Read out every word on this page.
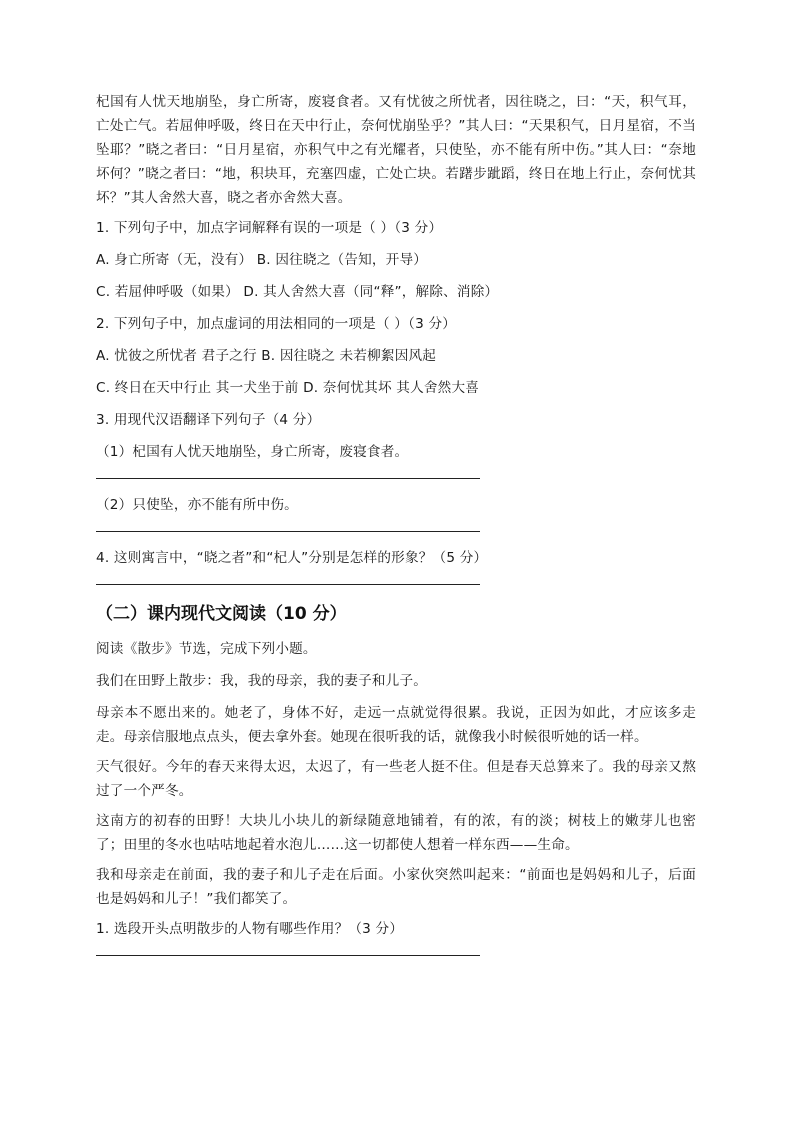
杞国有人忧天地崩坠，身亡所寄，废寝食者。又有忧彼之所忧者，因往晓之，曰：“天，积气耳，亡处亡气。若屈伸呼吸，终日在天中行止，奈何忧崩坠乎？”其人曰：“天果积气，日月星宿，不当坠耶？”晓之者曰：“日月星宿，亦积气中之有光耀者，只使坠，亦不能有所中伤。”其人曰：“奈地坏何？”晓之者曰：“地，积块耳，充塞四虚，亡处亡块。若躇步跐蹈，终日在地上行止，奈何忧其坏？”其人舍然大喜，晓之者亦舍然大喜。

1. 下列句子中，加点字词解释有误的一项是（ ）（3 分）
A. 身亡所寄（无，没有） B. 因往晓之（告知，开导）
C. 若屈伸呼吸（如果） D. 其人舍然大喜（同“释”，解除、消除）
2. 下列句子中，加点虚词的用法相同的一项是（ ）（3 分）
A. 忧彼之所忧者 君子之行 B. 因往晓之 未若柳絮因风起
C. 终日在天中行止 其一犬坐于前 D. 奈何忧其坏 其人舍然大喜
3. 用现代汉语翻译下列句子（4 分）
（1）杞国有人忧天地崩坠，身亡所寄，废寝食者。
（2）只使坠，亦不能有所中伤。
4. 这则寓言中，“晓之者”和“杞人”分别是怎样的形象？（5 分）
（二）课内现代文阅读（10 分）
阅读《散步》节选，完成下列小题。
我们在田野上散步：我，我的母亲，我的妻子和儿子。

母亲本不愿出来的。她老了，身体不好，走远一点就觉得很累。我说，正因为如此，才应该多走走。母亲信服地点点头，便去拿外套。她现在很听我的话，就像我小时候很听她的话一样。

天气很好。今年的春天来得太迟，太迟了，有一些老人挺不住。但是春天总算来了。我的母亲又熬过了一个严冬。

这南方的初春的田野！大块儿小块儿的新绿随意地铺着，有的浓，有的淡；树枝上的嫩芽儿也密了；田里的冬水也咕咕地起着水泡儿……这一切都使人想着一样东西——生命。

我和母亲走在前面，我的妻子和儿子走在后面。小家伙突然叫起来：“前面也是妈妈和儿子，后面也是妈妈和儿子！”我们都笑了。

1. 选段开头点明散步的人物有哪些作用？（3 分）
